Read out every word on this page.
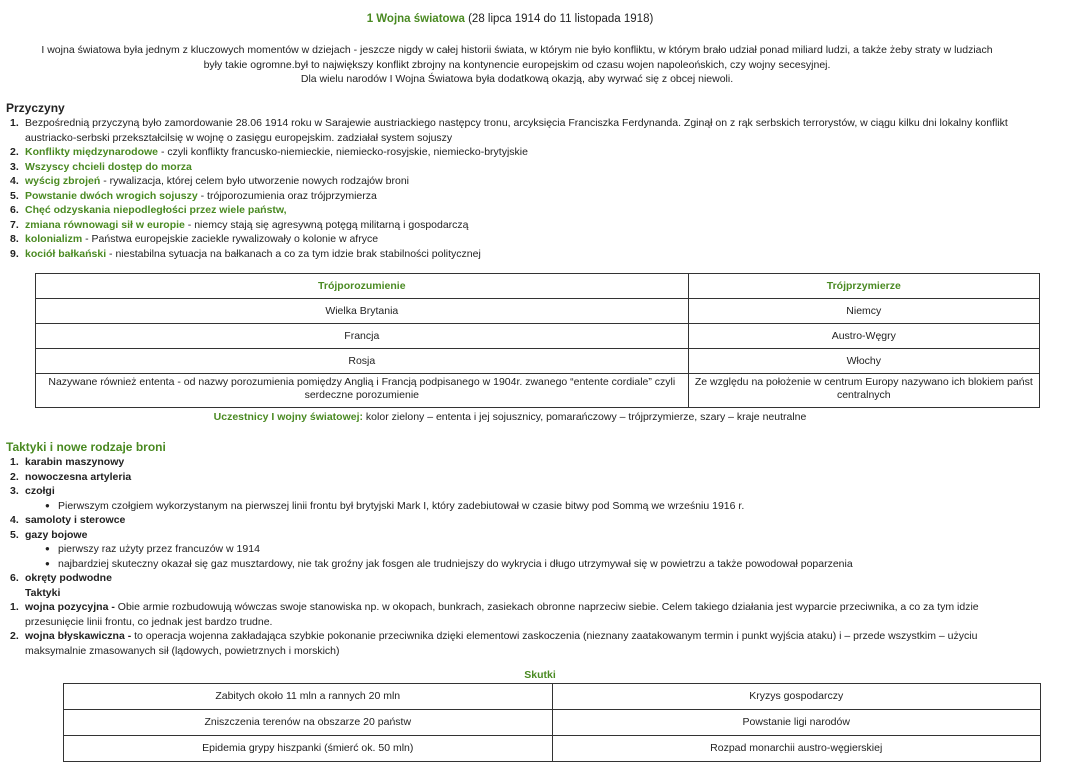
1 Wojna światowa (28 lipca 1914 do 11 listopada 1918)
I wojna światowa była jednym z kluczowych momentów w dziejach - jeszcze nigdy w całej historii świata, w którym nie było konfliktu, w którym brało udział ponad miliard ludzi, a także żeby straty w ludziach
były takie ogromne.był to największy konflikt zbrojny na kontynencie europejskim od czasu wojen napoleońskich, czy wojny secesyjnej.
Dla wielu narodów I Wojna Światowa była dodatkową okazją, aby wyrwać się z obcej niewoli.
Przyczyny
1. Bezpośrednią przyczyną było zamordowanie 28.06 1914 roku w Sarajewie austriackiego następcy tronu, arcyksięcia Franciszka Ferdynanda. Zginął on z rąk serbskich terrorystów, w ciągu kilku dni lokalny konflikt austriacko-serbski przekształcilsię w wojnę o zasięgu europejskim. zadziałał system sojuszy
2. Konflikty międzynarodowe - czyli konflikty francusko-niemieckie, niemiecko-rosyjskie, niemiecko-brytyjskie
3. Wszyscy chcieli dostęp do morza
4. wyścig zbrojeń - rywalizacja, której celem było utworzenie nowych rodzajów broni
5. Powstanie dwóch wrogich sojuszy - trójporozumienia oraz trójprzymierza
6. Chęć odzyskania niepodległości przez wiele państw,
7. zmiana równowagi sił w europie - niemcy stają się agresywną potęgą militarną i gospodarczą
8. kolonializm - Państwa europejskie zaciekle rywalizowały o kolonie w afryce
9. kociół bałkański - niestabilna sytuacja na bałkanach a co za tym idzie brak stabilności politycznej
Trójporozumienie	Trójprzymierze
Wielka Brytania	Niemcy
Francja	Austro-Węgry
Rosja	Włochy
Nazywane również ententa - od nazwy porozumienia pomiędzy Anglią i Francją podpisanego w 1904r. zwanego “entente cordiale” czyli serdeczne porozumienie	Ze względu na położenie w centrum Europy nazywano ich blokiem państ centralnych
Uczestnicy I wojny światowej: kolor zielony – ententa i jej sojusznicy, pomarańczowy – trójprzymierze, szary – kraje neutralne
Taktyki i nowe rodzaje broni
1. karabin maszynowy
2. nowoczesna artyleria
3. czołgi
● Pierwszym czołgiem wykorzystanym na pierwszej linii frontu był brytyjski Mark I, który zadebiutował w czasie bitwy pod Sommą we wrześniu 1916 r.
4. samoloty i sterowce
5. gazy bojowe
● pierwszy raz użyty przez francuzów w 1914
● najbardziej skuteczny okazał się gaz musztardowy, nie tak groźny jak fosgen ale trudniejszy do wykrycia i długo utrzymywał się w powietrzu a także powodował poparzenia
6. okręty podwodne
Taktyki
1. wojna pozycyjna - Obie armie rozbudowują wówczas swoje stanowiska np. w okopach, bunkrach, zasiekach obronne naprzeciw siebie. Celem takiego działania jest wyparcie przeciwnika, a co za tym idzie przesunięcie linii frontu, co jednak jest bardzo trudne.
2. wojna błyskawiczna - to operacja wojenna zakładająca szybkie pokonanie przeciwnika dzięki elementowi zaskoczenia (nieznany zaatakowanym termin i punkt wyjścia ataku) i – przede wszystkim – użyciu maksymalnie zmasowanych sił (lądowych, powietrznych i morskich)
Skutki
Zabitych około 11 mln a rannych 20 mln	Kryzys gospodarczy
Zniszczenia terenów na obszarze 20 państw	Powstanie ligi narodów
Epidemia grypy hiszpanki (śmierć ok. 50 mln)	Rozpad monarchii austro-węgierskiej
